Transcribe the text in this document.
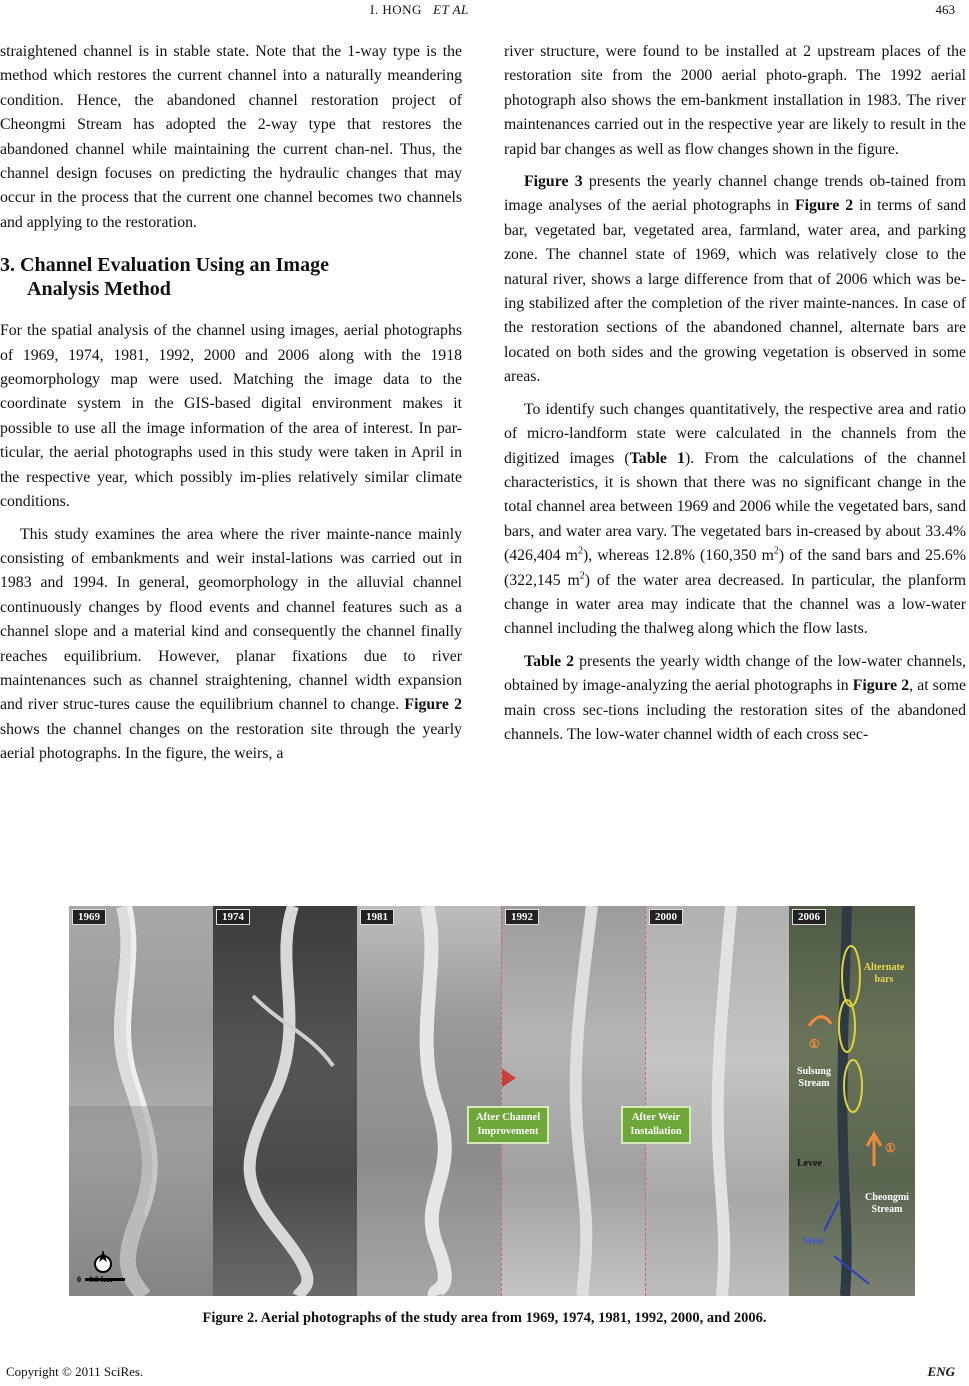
I. HONG ET AL	463

straightened channel is in stable state. Note that the 1-way type is the method which restores the current channel into a naturally meandering condition. Hence, the abandoned channel restoration project of Cheongmi Stream has adopted the 2-way type that restores the abandoned channel while maintaining the current chan-nel. Thus, the channel design focuses on predicting the hydraulic changes that may occur in the process that the current one channel becomes two channels and applying to the restoration.

3. Channel Evaluation Using an Image
Analysis Method

For the spatial analysis of the channel using images, aerial photographs of 1969, 1974, 1981, 1992, 2000 and 2006 along with the 1918 geomorphology map were used. Matching the image data to the coordinate system in the GIS-based digital environment makes it possible to use all the image information of the area of interest. In par-ticular, the aerial photographs used in this study were taken in April in the respective year, which possibly im-plies relatively similar climate conditions.

This study examines the area where the river mainte-nance mainly consisting of embankments and weir instal-lations was carried out in 1983 and 1994. In general, geomorphology in the alluvial channel continuously changes by flood events and channel features such as a channel slope and a material kind and consequently the channel finally reaches equilibrium. However, planar fixations due to river maintenances such as channel straightening, channel width expansion and river struc-tures cause the equilibrium channel to change. Figure 2 shows the channel changes on the restoration site through the yearly aerial photographs. In the figure, the weirs, a

river structure, were found to be installed at 2 upstream places of the restoration site from the 2000 aerial photo-graph. The 1992 aerial photograph also shows the em-bankment installation in 1983. The river maintenances carried out in the respective year are likely to result in the rapid bar changes as well as flow changes shown in the figure.

Figure 3 presents the yearly channel change trends ob-tained from image analyses of the aerial photographs in Figure 2 in terms of sand bar, vegetated bar, vegetated area, farmland, water area, and parking zone. The channel state of 1969, which was relatively close to the natural river, shows a large difference from that of 2006 which was be-ing stabilized after the completion of the river mainte-nances. In case of the restoration sections of the abandoned channel, alternate bars are located on both sides and the growing vegetation is observed in some areas.

To identify such changes quantitatively, the respective area and ratio of micro-landform state were calculated in the channels from the digitized images (Table 1). From the calculations of the channel characteristics, it is shown that there was no significant change in the total channel area between 1969 and 2006 while the vegetated bars, sand bars, and water area vary. The vegetated bars in-creased by about 33.4% (426,404 $m^2$), whereas 12.8% (160,350 $m^2$) of the sand bars and 25.6% (322,145 $m^2$) of the water area decreased. In particular, the planform change in water area may indicate that the channel was a low-water channel including the thalweg along which the flow lasts.

Table 2 presents the yearly width change of the low-water channels, obtained by image-analyzing the aerial photographs in Figure 2, at some main cross sec-tions including the restoration sites of the abandoned channels. The low-water channel width of each cross sec-

1969
0    0.5 km
1974	1981	1992	2000	2006
Alternate bars
①
Sulsung Stream
①
Levee
Cheongmi Stream
Weir
After Channel Improvement
After Weir Installation
Figure 2. Aerial photographs of the study area from 1969, 1974, 1981, 1992, 2000, and 2006.
Copyright © 2011 SciRes.	ENG
